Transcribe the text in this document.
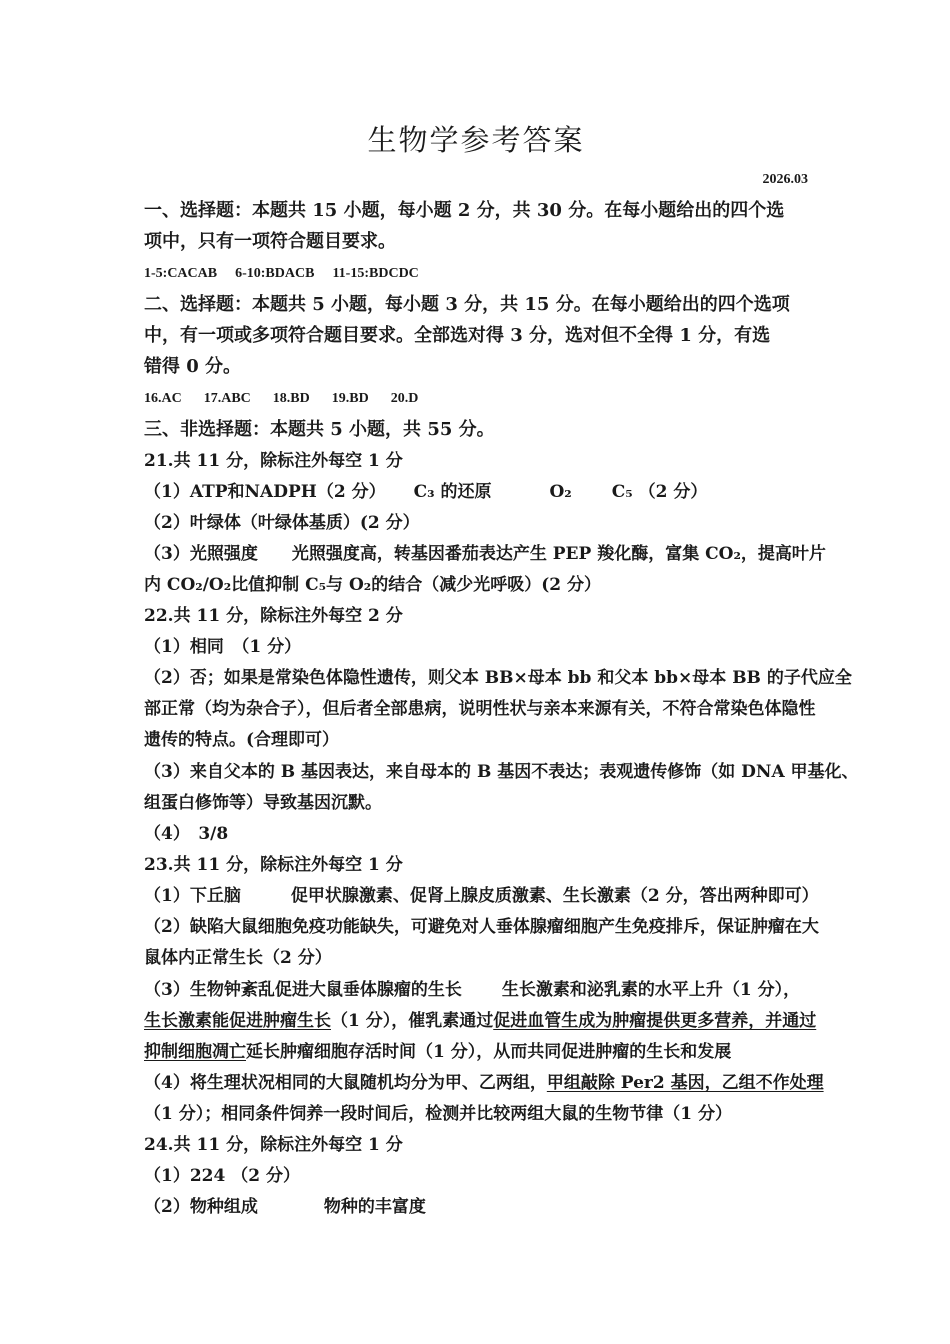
生物学参考答案
2026.03
一、选择题：本题共 15 小题，每小题 2 分，共 30 分。在每小题给出的四个选
项中，只有一项符合题目要求。
1-5:CACAB 6-10:BDACB 11-15:BDCDC
二、选择题：本题共 5 小题，每小题 3 分，共 15 分。在每小题给出的四个选项
中，有一项或多项符合题目要求。全部选对得 3 分，选对但不全得 1 分，有选
错得 0 分。
16.AC 17.ABC 18.BD 19.BD 20.D
三、非选择题：本题共 5 小题，共 55 分。
21.共 11 分，除标注外每空 1 分
（1）ATP和NADPH（2 分） C₃ 的还原	O₂ C₅ （2 分）
（2）叶绿体（叶绿体基质）(2 分）
（3）光照强度 光照强度高，转基因番茄表达产生 PEP 羧化酶，富集 CO₂，提高叶片
内 CO₂/O₂比值抑制 C₅与 O₂的结合（减少光呼吸）(2 分）
22.共 11 分，除标注外每空 2 分
（1）相同　（1 分）
（2）否；如果是常染色体隐性遗传，则父本 BB×母本 bb 和父本 bb×母本 BB 的子代应全
部正常（均为杂合子），但后者全部患病，说明性状与亲本来源有关，不符合常染色体隐性
遗传的特点。(合理即可）
（3）来自父本的 B 基因表达，来自母本的 B 基因不表达；表观遗传修饰（如 DNA 甲基化、
组蛋白修饰等）导致基因沉默。
（4）　3/8
23.共 11 分，除标注外每空 1 分
（1）下丘脑	促甲状腺激素、促肾上腺皮质激素、生长激素（2 分，答出两种即可）
（2）缺陷大鼠细胞免疫功能缺失，可避免对人垂体腺瘤细胞产生免疫排斥，保证肿瘤在大
鼠体内正常生长（2 分）
（3）生物钟紊乱促进大鼠垂体腺瘤的生长 生长激素和泌乳素的水平上升（1 分），
生长激素能促进肿瘤生长（1 分），催乳素通过促进血管生成为肿瘤提供更多营养，并通过
抑制细胞凋亡延长肿瘤细胞存活时间（1 分），从而共同促进肿瘤的生长和发展
（4）将生理状况相同的大鼠随机均分为甲、乙两组，甲组敲除 Per2 基因，乙组不作处理
（1 分）；相同条件饲养一段时间后，检测并比较两组大鼠的生物节律（1 分）
24.共 11 分，除标注外每空 1 分
（1）224 （2 分）
（2）物种组成	物种的丰富度
